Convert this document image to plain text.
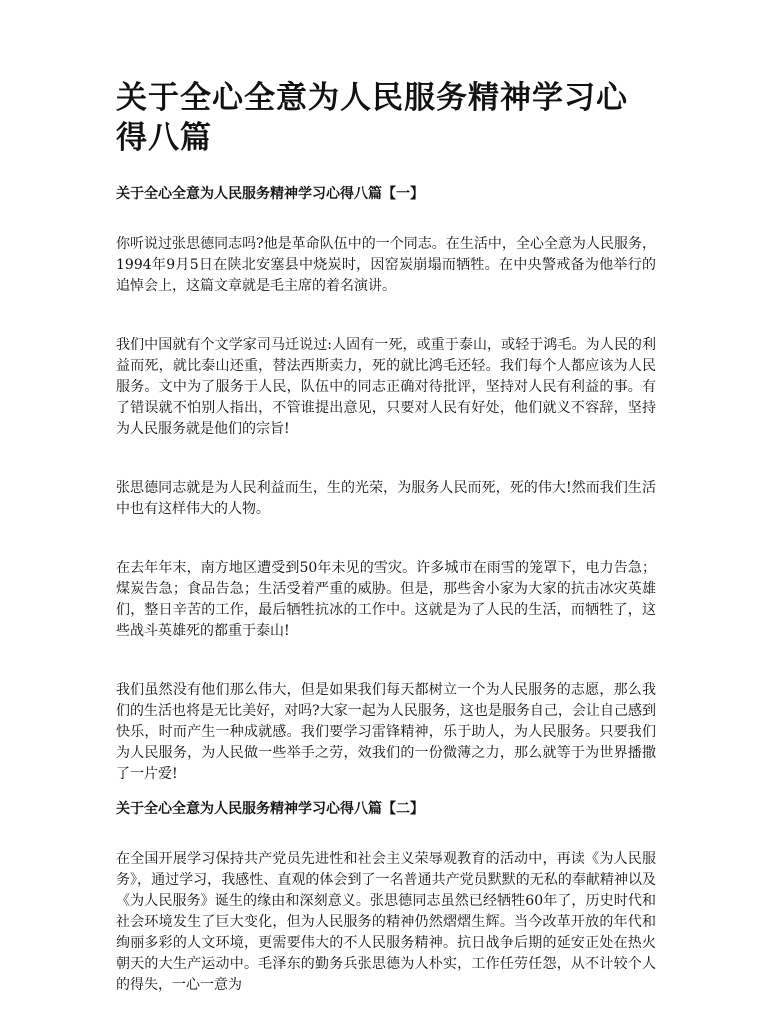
关于全心全意为人民服务精神学习心得八篇
关于全心全意为人民服务精神学习心得八篇【一】

你听说过张思德同志吗?他是革命队伍中的一个同志。在生活中，全心全意为人民服务，1994年9月5日在陕北安塞县中烧炭时，因窑炭崩塌而牺牲。在中央警戒备为他举行的追悼会上，这篇文章就是毛主席的着名演讲。

我们中国就有个文学家司马迁说过:人固有一死，或重于泰山，或轻于鸿毛。为人民的利益而死，就比泰山还重，替法西斯卖力，死的就比鸿毛还轻。我们每个人都应该为人民服务。文中为了服务于人民，队伍中的同志正确对待批评，坚持对人民有利益的事。有了错误就不怕别人指出，不管谁提出意见，只要对人民有好处，他们就义不容辞，坚持为人民服务就是他们的宗旨!

张思德同志就是为人民利益而生，生的光荣，为服务人民而死，死的伟大!然而我们生活中也有这样伟大的人物。

在去年年末，南方地区遭受到50年未见的雪灾。许多城市在雨雪的笼罩下，电力告急；煤炭告急；食品告急；生活受着严重的威胁。但是，那些舍小家为大家的抗击冰灾英雄们，整日辛苦的工作，最后牺牲抗冰的工作中。这就是为了人民的生活，而牺牲了，这些战斗英雄死的都重于泰山!

我们虽然没有他们那么伟大，但是如果我们每天都树立一个为人民服务的志愿，那么我们的生活也将是无比美好，对吗?大家一起为人民服务，这也是服务自己，会让自己感到快乐，时而产生一种成就感。我们要学习雷锋精神，乐于助人，为人民服务。只要我们为人民服务，为人民做一些举手之劳，效我们的一份微薄之力，那么就等于为世界播撒了一片爱!

关于全心全意为人民服务精神学习心得八篇【二】

在全国开展学习保持共产党员先进性和社会主义荣辱观教育的活动中，再读《为人民服务》，通过学习，我感性、直观的体会到了一名普通共产党员默默的无私的奉献精神以及《为人民服务》诞生的缘由和深刻意义。张思德同志虽然已经牺牲60年了，历史时代和社会环境发生了巨大变化，但为人民服务的精神仍然熠熠生辉。当今改革开放的年代和绚丽多彩的人文环境，更需要伟大的不人民服务精神。抗日战争后期的延安正处在热火朝天的大生产运动中。毛泽东的勤务兵张思德为人朴实，工作任劳任怨，从不计较个人的得失，一心一意为
